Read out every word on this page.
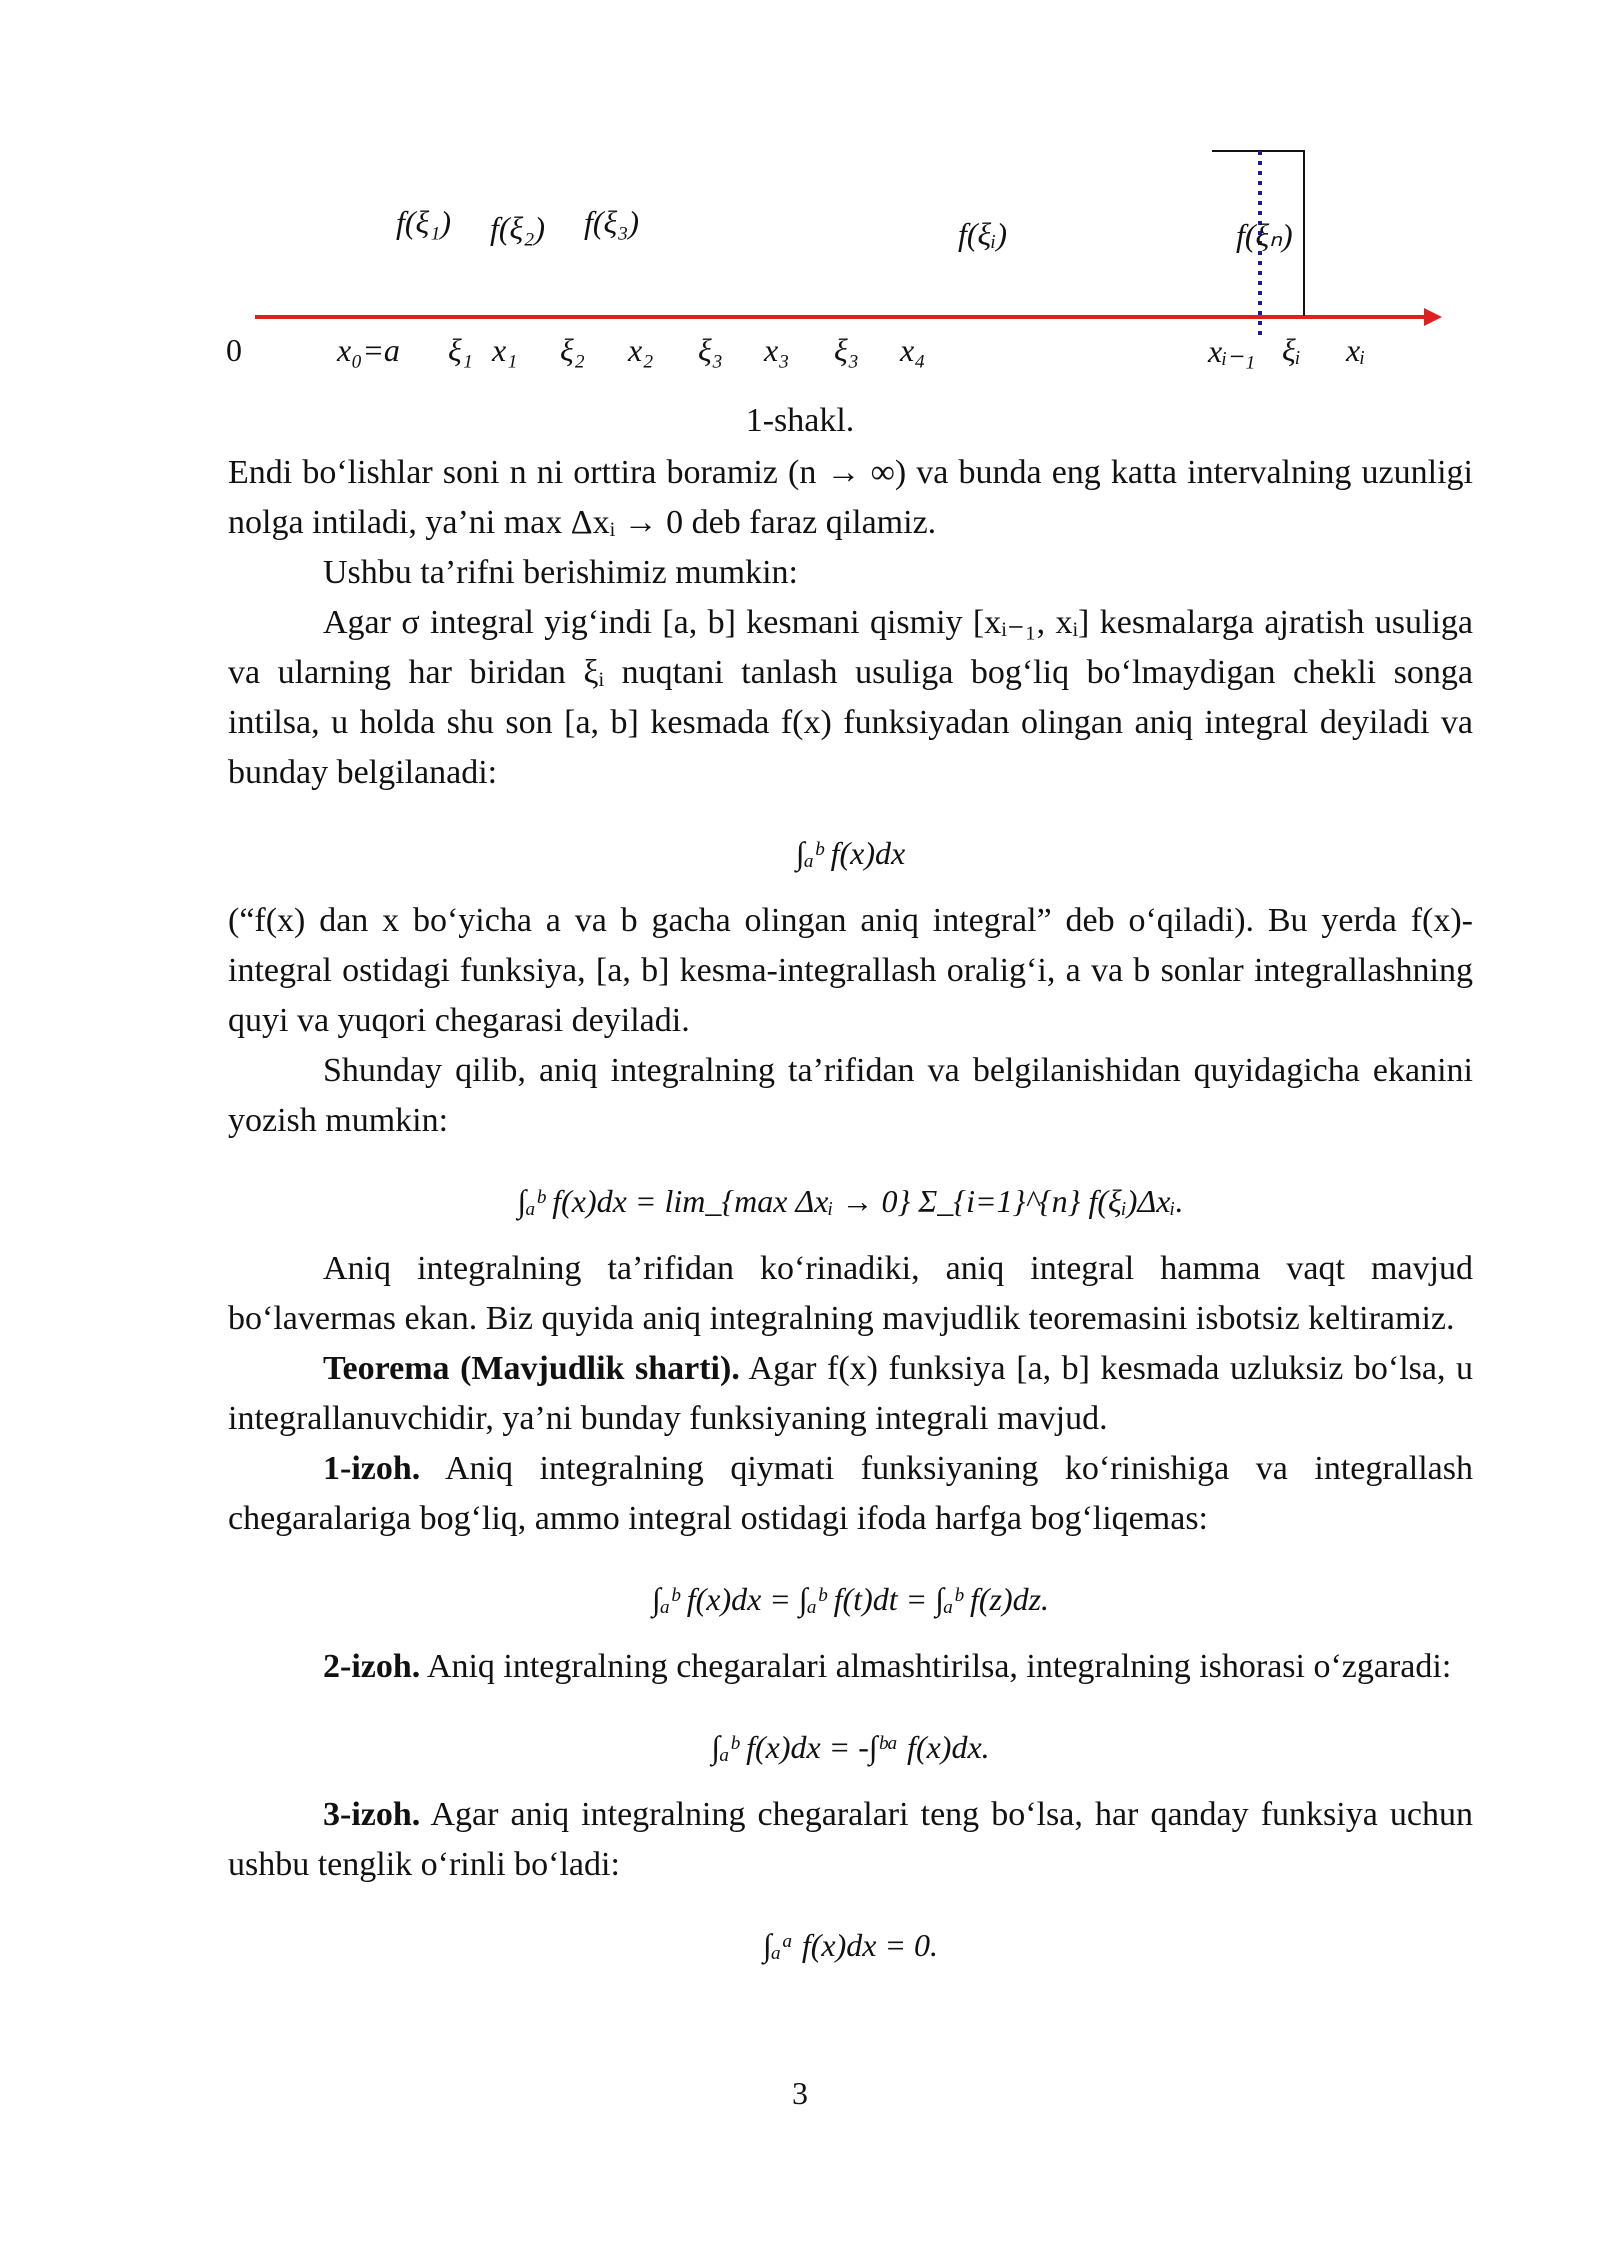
f(ξ₁) f(ξ₂) f(ξ₃)	f(ξᵢ)	f(ξₙ)
0	x₀=a ξ₁ x₁ ξ₂ x₂ ξ₃ x₃ ξ₃ x₄	xᵢ₋₁ ξᵢ xᵢ
1-shakl.

Endi bo‘lishlar soni n ni orttira boramiz (n → ∞) va bunda eng katta intervalning uzunligi nolga intiladi, ya’ni max Δxᵢ → 0 deb faraz qilamiz.

Ushbu ta’rifni berishimiz mumkin:

Agar σ integral yig‘indi [a, b] kesmani qismiy [xᵢ₋₁, xᵢ] kesmalarga ajratish usuliga va ularning har biridan ξᵢ nuqtani tanlash usuliga bog‘liq bo‘lmaydigan chekli songa intilsa, u holda shu son [a, b] kesmada f(x) funksiyadan olingan aniq integral deyiladi va bunday belgilanadi:

∫ₐᵇ f(x)dx

(“f(x) dan x bo‘yicha a va b gacha olingan aniq integral” deb o‘qiladi). Bu yerda f(x)-integral ostidagi funksiya, [a, b] kesma-integrallash oralig‘i, a va b sonlar integrallashning quyi va yuqori chegarasi deyiladi.

Shunday qilib, aniq integralning ta’rifidan va belgilanishidan quyidagicha ekanini yozish mumkin:

∫ₐᵇ f(x)dx = lim_{max Δxᵢ → 0} Σ_{i=1}^{n} f(ξᵢ)Δxᵢ.

Aniq integralning ta’rifidan ko‘rinadiki, aniq integral hamma vaqt mavjud bo‘lavermas ekan. Biz quyida aniq integralning mavjudlik teoremasini isbotsiz keltiramiz.

Teorema (Mavjudlik sharti). Agar f(x) funksiya [a, b] kesmada uzluksiz bo‘lsa, u integrallanuvchidir, ya’ni bunday funksiyaning integrali mavjud.

1-izoh. Aniq integralning qiymati funksiyaning ko‘rinishiga va integrallash chegaralariga bog‘liq, ammo integral ostidagi ifoda harfga bog‘liqemas:

∫ₐᵇ f(x)dx = ∫ₐᵇ f(t)dt = ∫ₐᵇ f(z)dz.

2-izoh. Aniq integralning chegaralari almashtirilsa, integralning ishorasi o‘zgaradi:

∫ₐᵇ f(x)dx = -∫ᵇᵃ f(x)dx.

3-izoh. Agar aniq integralning chegaralari teng bo‘lsa, har qanday funksiya uchun ushbu tenglik o‘rinli bo‘ladi:

∫ₐᵃ f(x)dx = 0.
3
